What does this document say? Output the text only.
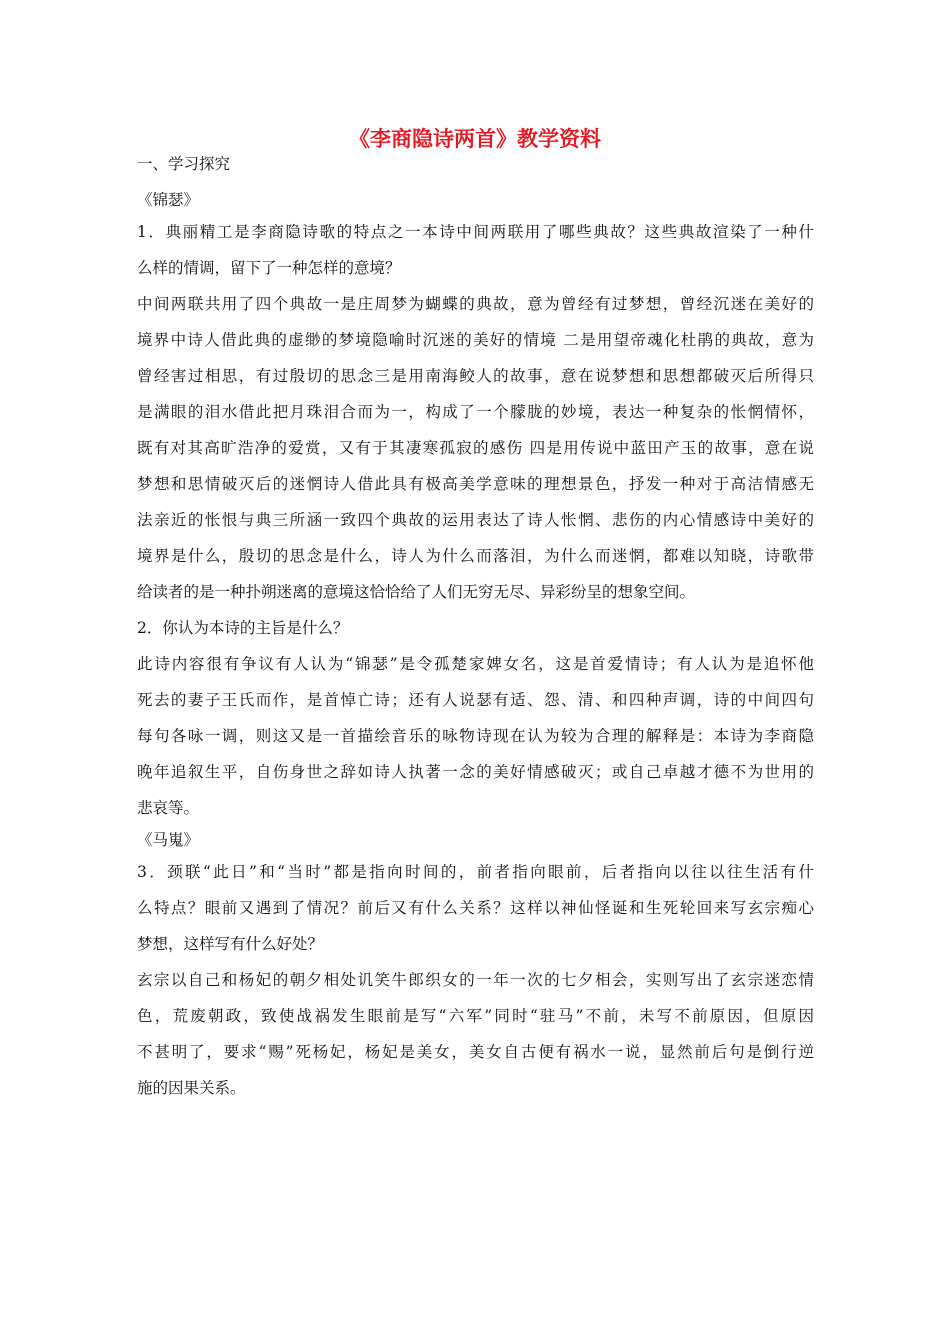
《李商隐诗两首》教学资料
一、学习探究
《锦瑟》
1．典丽精工是李商隐诗歌的特点之一本诗中间两联用了哪些典故？这些典故渲染了一种什
么样的情调，留下了一种怎样的意境？
中间两联共用了四个典故一是庄周梦为蝴蝶的典故，意为曾经有过梦想，曾经沉迷在美好的
境界中诗人借此典的虚缈的梦境隐喻时沉迷的美好的情境 二是用望帝魂化杜鹃的典故，意为
曾经害过相思，有过殷切的思念三是用南海鲛人的故事，意在说梦想和思想都破灭后所得只
是满眼的泪水借此把月珠泪合而为一，构成了一个朦胧的妙境，表达一种复杂的怅惘情怀，
既有对其高旷浩净的爱赏，又有于其凄寒孤寂的感伤 四是用传说中蓝田产玉的故事，意在说
梦想和思情破灭后的迷惘诗人借此具有极高美学意味的理想景色，抒发一种对于高洁情感无
法亲近的怅恨与典三所涵一致四个典故的运用表达了诗人怅惘、悲伤的内心情感诗中美好的
境界是什么，殷切的思念是什么，诗人为什么而落泪，为什么而迷惘，都难以知晓，诗歌带
给读者的是一种扑朔迷离的意境这恰恰给了人们无穷无尽、异彩纷呈的想象空间。
2．你认为本诗的主旨是什么？
此诗内容很有争议有人认为“锦瑟”是令孤楚家婢女名，这是首爱情诗；有人认为是追怀他
死去的妻子王氏而作，是首悼亡诗；还有人说瑟有适、怨、清、和四种声调，诗的中间四句
每句各咏一调，则这又是一首描绘音乐的咏物诗现在认为较为合理的解释是：本诗为李商隐
晚年追叙生平，自伤身世之辞如诗人执著一念的美好情感破灭；或自己卓越才德不为世用的
悲哀等。
《马嵬》
3．颈联“此日”和“当时”都是指向时间的，前者指向眼前，后者指向以往以往生活有什
么特点？眼前又遇到了情况？前后又有什么关系？这样以神仙怪诞和生死轮回来写玄宗痴心
梦想，这样写有什么好处？
玄宗以自己和杨妃的朝夕相处讥笑牛郎织女的一年一次的七夕相会，实则写出了玄宗迷恋情
色，荒废朝政，致使战祸发生眼前是写“六军”同时“驻马”不前，未写不前原因，但原因
不甚明了，要求“赐”死杨妃，杨妃是美女，美女自古便有祸水一说，显然前后句是倒行逆
施的因果关系。
